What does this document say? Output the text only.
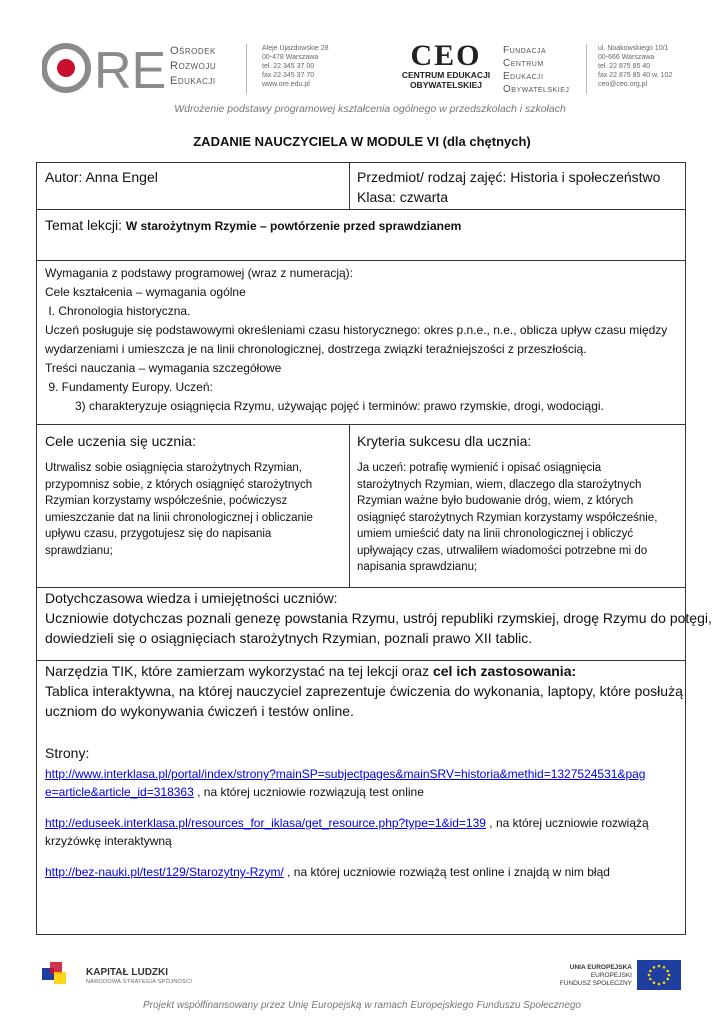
RE Ośrodek
Rozwoju
Edukacji
Aleje Ujazdowskie 28
00-478 Warszawa
tel. 22 345 37 00
fax 22 345 37 70
www.ore.edu.pl
CEO
CENTRUM EDUKACJI
OBYWATELSKIEJ
Fundacja
Centrum
Edukacji
Obywatelskiej
ul. Noakowskiego 10/1
00-666 Warszawa
tel. 22 875 85 40
fax 22 875 85 40 w. 102
ceo@ceo.org.pl
Wdrożenie podstawy programowej kształcenia ogólnego w przedszkolach i szkołach
ZADANIE NAUCZYCIELA W MODULE VI (dla chętnych)
Autor: Anna Engel	Przedmiot/ rodzaj zajęć: Historia i społeczeństwo
Klasa: czwarta
Temat lekcji: W starożytnym Rzymie – powtórzenie przed sprawdzianem
Wymagania z podstawy programowej (wraz z numeracją):
Cele kształcenia – wymagania ogólne
I. Chronologia historyczna.
Uczeń posługuje się podstawowymi określeniami czasu historycznego: okres p.n.e., n.e., oblicza upływ czasu między
wydarzeniami i umieszcza je na linii chronologicznej, dostrzega związki teraźniejszości z przeszłością.
Treści nauczania – wymagania szczegółowe
9. Fundamenty Europy. Uczeń:
3) charakteryzuje osiągnięcia Rzymu, używając pojęć i terminów: prawo rzymskie, drogi, wodociągi.
Cele uczenia się ucznia:
Utrwalisz sobie osiągnięcia starożytnych Rzymian,
przypomnisz sobie, z których osiągnięć starożytnych
Rzymian korzystamy współcześnie, poćwiczysz
umieszczanie dat na linii chronologicznej i obliczanie
upływu czasu, przygotujesz się do napisania
sprawdzianu;
Kryteria sukcesu dla ucznia:
Ja uczeń: potrafię wymienić i opisać osiągnięcia
starożytnych Rzymian, wiem, dlaczego dla starożytnych
Rzymian ważne było budowanie dróg, wiem, z których
osiągnięć starożytnych Rzymian korzystamy współcześnie,
umiem umieścić daty na linii chronologicznej i obliczyć
upływający czas, utrwaliłem wiadomości potrzebne mi do
napisania sprawdzianu;
Dotychczasowa wiedza i umiejętności uczniów:
Uczniowie dotychczas poznali genezę powstania Rzymu, ustrój republiki rzymskiej, drogę Rzymu do potęgi,
dowiedzieli się o osiągnięciach starożytnych Rzymian, poznali prawo XII tablic.
Narzędzia TIK, które zamierzam wykorzystać na tej lekcji oraz cel ich zastosowania:
Tablica interaktywna, na której nauczyciel zaprezentuje ćwiczenia do wykonania, laptopy, które posłużą
uczniom do wykonywania ćwiczeń i testów online.
Strony:
http://www.interklasa.pl/portal/index/strony?mainSP=subjectpages&mainSRV=historia&methid=1327524531&pag
e=article&article_id=318363 , na której uczniowie rozwiązują test online
http://eduseek.interklasa.pl/resources_for_iklasa/get_resource.php?type=1&id=139 , na której uczniowie rozwiążą
krzyżówkę interaktywną
http://bez-nauki.pl/test/129/Starozytny-Rzym/ , na której uczniowie rozwiążą test online i znajdą w nim błąd
KAPITAŁ LUDZKI
NARODOWA STRATEGIA SPÓJNOŚCI
UNIA EUROPEJSKA
EUROPEJSKI
FUNDUSZ SPOŁECZNY
Projekt współfinansowany przez Unię Europejską w ramach Europejskiego Funduszu Społecznego
